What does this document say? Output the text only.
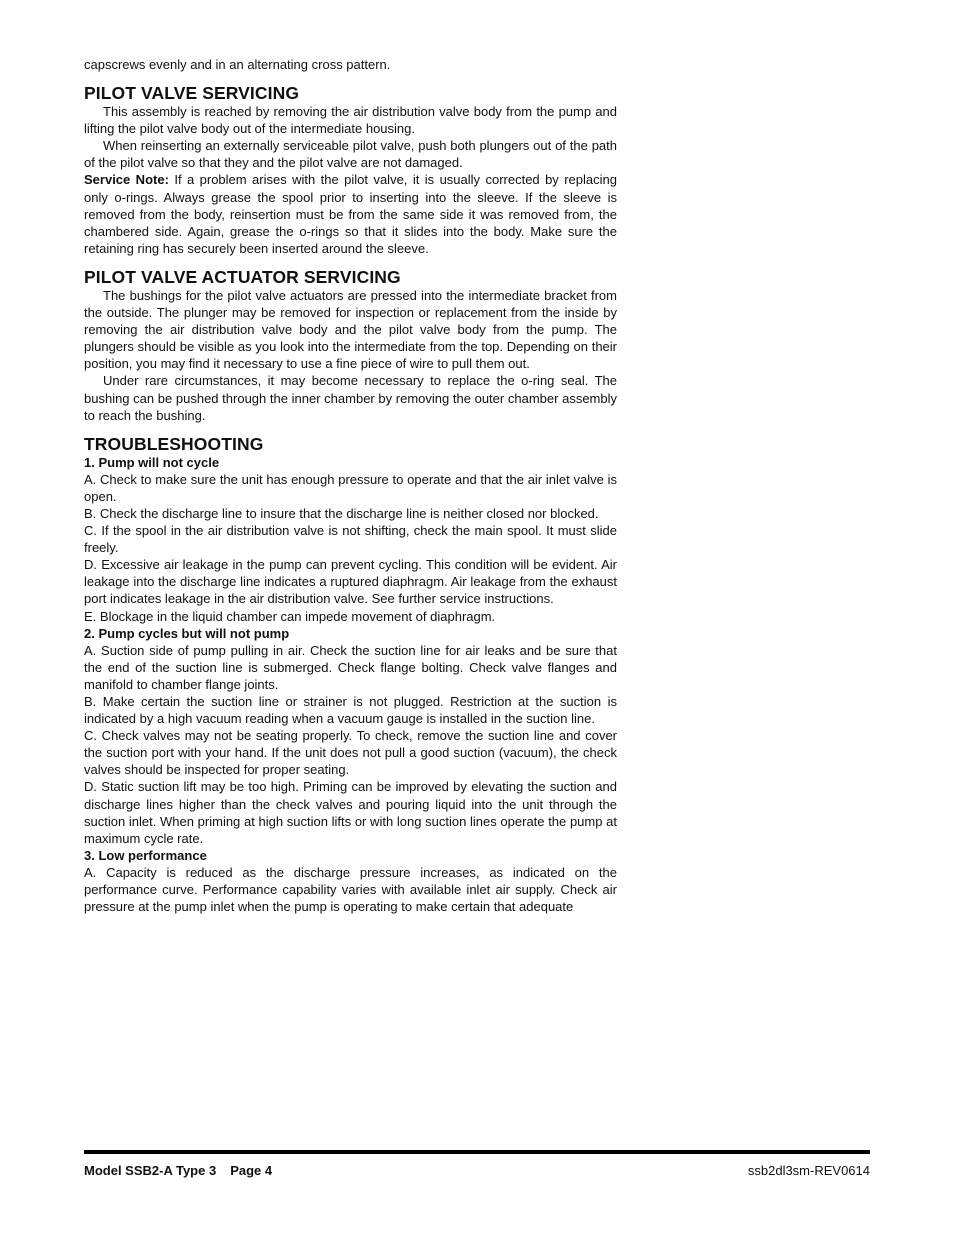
capscrews evenly and in an alternating cross pattern.

PILOT VALVE SERVICING

This assembly is reached by removing the air distribution valve body from the pump and lifting the pilot valve body out of the intermediate housing.

When reinserting an externally serviceable pilot valve, push both plungers out of the path of the pilot valve so that they and the pilot valve are not damaged.

Service Note: If a problem arises with the pilot valve, it is usually corrected by replacing only o-rings. Always grease the spool prior to inserting into the sleeve. If the sleeve is removed from the body, reinsertion must be from the same side it was removed from, the chambered side. Again, grease the o-rings so that it slides into the body. Make sure the retaining ring has securely been inserted around the sleeve.

PILOT VALVE ACTUATOR SERVICING

The bushings for the pilot valve actuators are pressed into the intermediate bracket from the outside. The plunger may be removed for inspection or replacement from the inside by removing the air distribution valve body and the pilot valve body from the pump. The plungers should be visible as you look into the intermediate from the top. Depending on their position, you may find it necessary to use a fine piece of wire to pull them out.

Under rare circumstances, it may become necessary to replace the o-ring seal. The bushing can be pushed through the inner chamber by removing the outer chamber assembly to reach the bushing.

TROUBLESHOOTING

1. Pump will not cycle

A. Check to make sure the unit has enough pressure to operate and that the air inlet valve is open.

B. Check the discharge line to insure that the discharge line is neither closed nor blocked.

C. If the spool in the air distribution valve is not shifting, check the main spool. It must slide freely.

D. Excessive air leakage in the pump can prevent cycling. This condition will be evident. Air leakage into the discharge line indicates a ruptured diaphragm. Air leakage from the exhaust port indicates leakage in the air distribution valve. See further service instructions.

E. Blockage in the liquid chamber can impede movement of diaphragm.

2. Pump cycles but will not pump

A. Suction side of pump pulling in air. Check the suction line for air leaks and be sure that the end of the suction line is submerged. Check flange bolting. Check valve flanges and manifold to chamber flange joints.

B. Make certain the suction line or strainer is not plugged. Restriction at the suction is indicated by a high vacuum reading when a vacuum gauge is installed in the suction line.

C. Check valves may not be seating properly. To check, remove the suction line and cover the suction port with your hand. If the unit does not pull a good suction (vacuum), the check valves should be inspected for proper seating.

D. Static suction lift may be too high. Priming can be improved by elevating the suction and discharge lines higher than the check valves and pouring liquid into the unit through the suction inlet. When priming at high suction lifts or with long suction lines operate the pump at maximum cycle rate.

3. Low performance

A. Capacity is reduced as the discharge pressure increases, as indicated on the performance curve. Performance capability varies with available inlet air supply. Check air pressure at the pump inlet when the pump is operating to make certain that adequate

Model SSB2-A Type 3 Page 4	ssb2dl3sm-REV0614
